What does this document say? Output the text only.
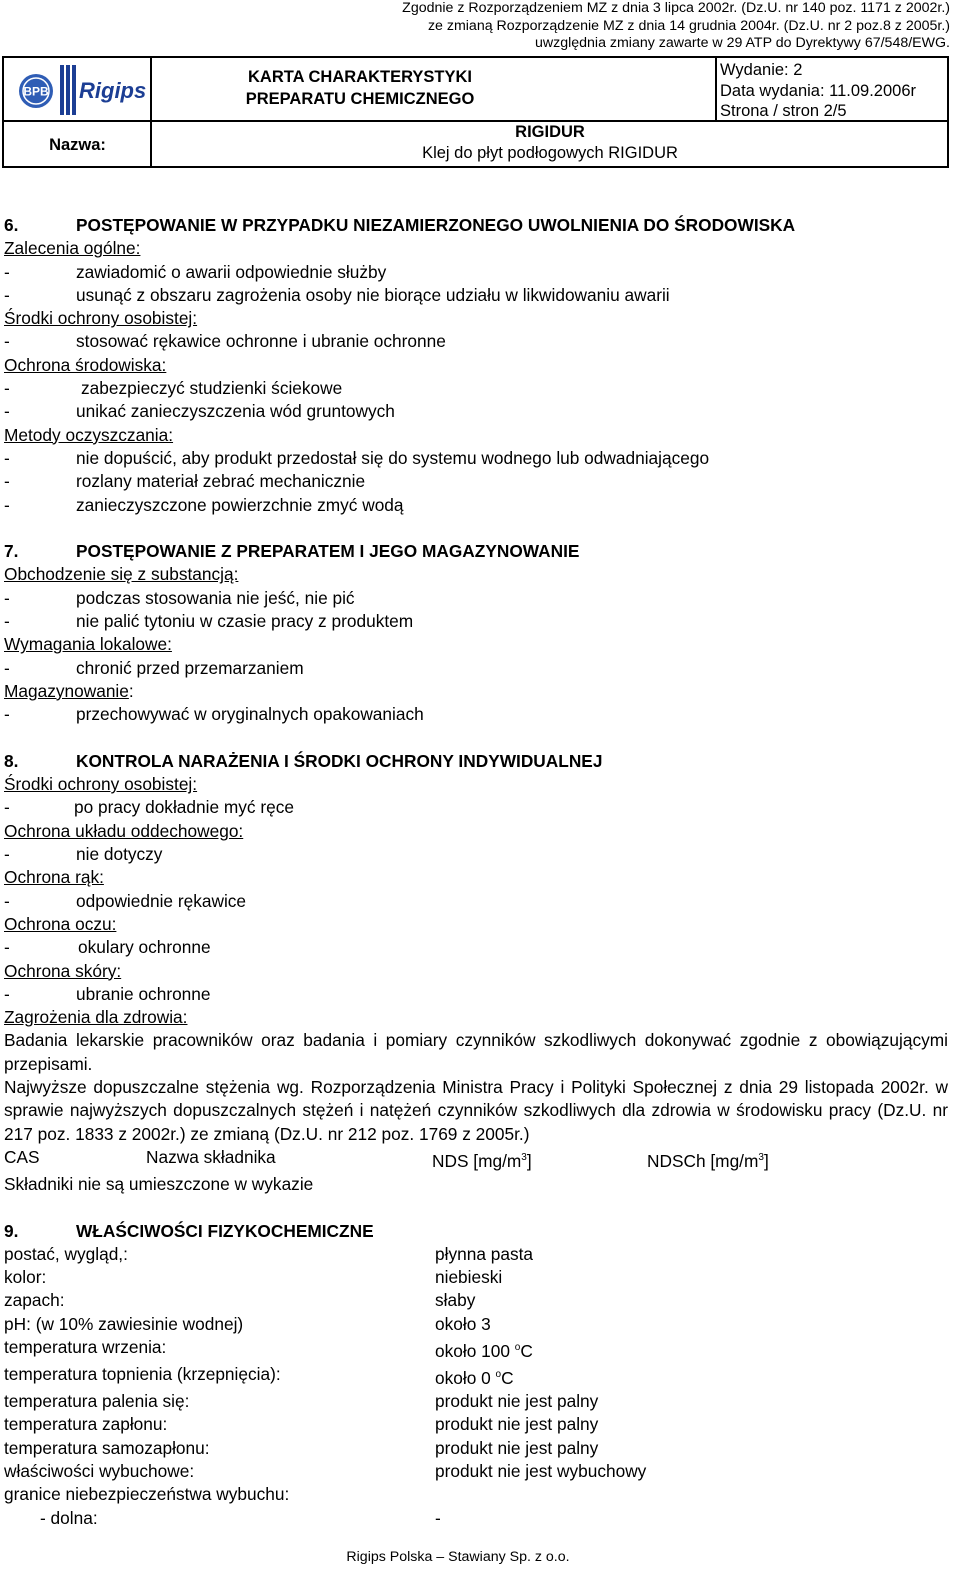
Zgodnie z Rozporządzeniem MZ z dnia 3 lipca 2002r. (Dz.U. nr 140 poz. 1171 z 2002r.)
ze zmianą Rozporządzenie MZ z dnia 14 grudnia 2004r. (Dz.U. nr 2 poz.8 z 2005r.)
uwzględnia zmiany zawarte w 29 ATP do Dyrektywy 67/548/EWG.
BPB Rigips
KARTA CHARAKTERYSTYKI
PREPARATU CHEMICZNEGO
Wydanie: 2
Data wydania: 11.09.2006r
Strona / stron 2/5
Nazwa:
RIGIDUR
Klej do płyt podłogowych RIGIDUR
6.	POSTĘPOWANIE W PRZYPADKU NIEZAMIERZONEGO UWOLNIENIA DO ŚRODOWISKA
Zalecenia ogólne:
-	zawiadomić o awarii odpowiednie służby
-	usunąć z obszaru zagrożenia osoby nie biorące udziału w likwidowaniu awarii
Środki ochrony osobistej:
-	stosować rękawice ochronne i ubranie ochronne
Ochrona środowiska:
-	zabezpieczyć studzienki ściekowe
-	unikać zanieczyszczenia wód gruntowych
Metody oczyszczania:
-	nie dopuścić, aby produkt przedostał się do systemu wodnego lub odwadniającego
-	rozlany materiał zebrać mechanicznie
-	zanieczyszczone powierzchnie zmyć wodą
7.	POSTĘPOWANIE Z PREPARATEM I JEGO MAGAZYNOWANIE
Obchodzenie się z substancją:
-	podczas stosowania nie jeść, nie pić
-	nie palić tytoniu w czasie pracy z produktem
Wymagania lokalowe:
-	chronić przed przemarzaniem
Magazynowanie:
-	przechowywać w oryginalnych opakowaniach
8.	KONTROLA NARAŻENIA I ŚRODKI OCHRONY INDYWIDUALNEJ
Środki ochrony osobistej:
-	po pracy dokładnie myć ręce
Ochrona układu oddechowego:
-	nie dotyczy
Ochrona rąk:
-	odpowiednie rękawice
Ochrona oczu:
-	okulary ochronne
Ochrona skóry:
-	ubranie ochronne
Zagrożenia dla zdrowia:
Badania lekarskie pracowników oraz badania i pomiary czynników szkodliwych dokonywać zgodnie z obowiązującymi przepisami.
Najwyższe dopuszczalne stężenia wg. Rozporządzenia Ministra Pracy i Polityki Społecznej z dnia 29 listopada 2002r. w sprawie najwyższych dopuszczalnych stężeń i natężeń czynników szkodliwych dla zdrowia w środowisku pracy (Dz.U. nr 217 poz. 1833 z 2002r.) ze zmianą (Dz.U. nr 212 poz. 1769 z 2005r.)
CAS	Nazwa składnika	NDS $[mg/m^3]$	NDSCh $[mg/m^3]$
Składniki nie są umieszczone w wykazie
9.	WŁAŚCIWOŚCI FIZYKOCHEMICZNE
postać, wygląd,:	płynna pasta
kolor:	niebieski
zapach:	słaby
pH: (w 10% zawiesinie wodnej)	około 3
temperatura wrzenia:	około 100 $^o$C
temperatura topnienia (krzepnięcia):	około 0 $^o$C
temperatura palenia się:	produkt nie jest palny
temperatura zapłonu:	produkt nie jest palny
temperatura samozapłonu:	produkt nie jest palny
właściwości wybuchowe:	produkt nie jest wybuchowy
granice niebezpieczeństwa wybuchu:
- dolna:	-
Rigips Polska – Stawiany Sp. z o.o.
